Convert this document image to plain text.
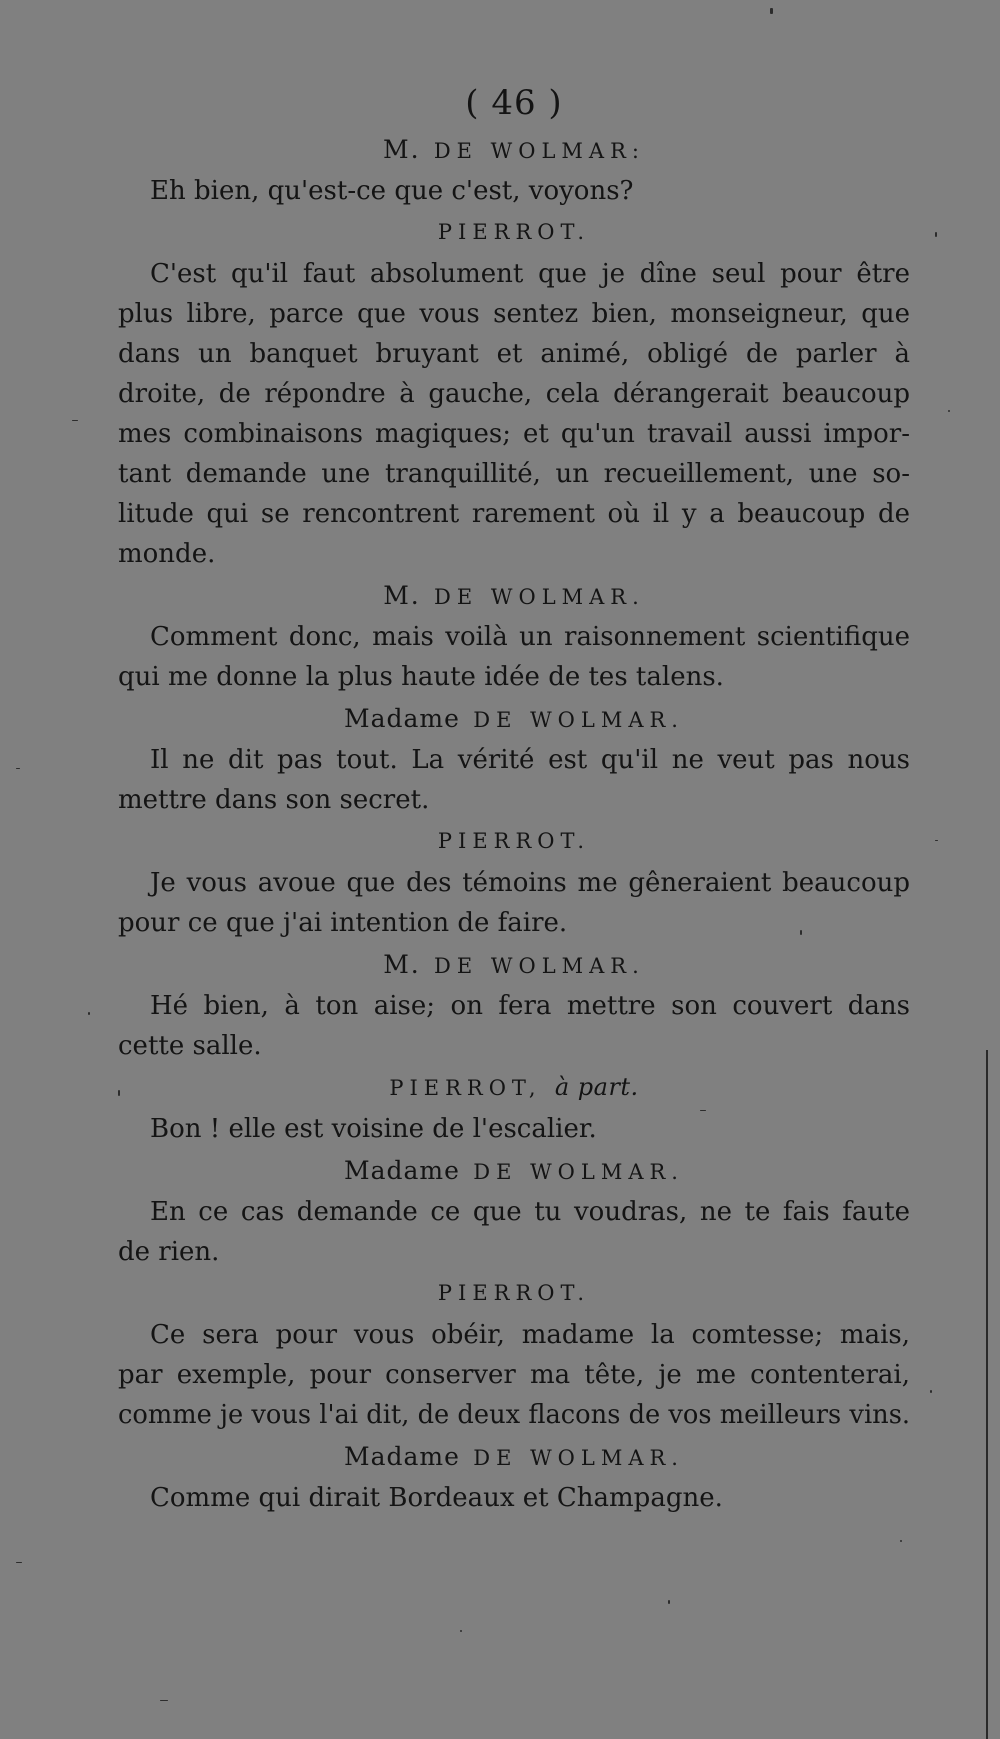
( 46 )
M. DE WOLMAR:

Eh bien, qu'est-ce que c'est, voyons?

PIERROT.

C'est qu'il faut absolument que je dîne seul pour être
plus libre, parce que vous sentez bien, monseigneur, que
dans un banquet bruyant et animé, obligé de parler à
droite, de répondre à gauche, cela dérangerait beaucoup
mes combinaisons magiques; et qu'un travail aussi impor-
tant demande une tranquillité, un recueillement, une so-
litude qui se rencontrent rarement où il y a beaucoup de
monde.

M. DE WOLMAR.

Comment donc, mais voilà un raisonnement scientifique
qui me donne la plus haute idée de tes talens.

Madame DE WOLMAR.

Il ne dit pas tout. La vérité est qu'il ne veut pas nous
mettre dans son secret.

PIERROT.

Je vous avoue que des témoins me gêneraient beaucoup
pour ce que j'ai intention de faire.

M. DE WOLMAR.

Hé bien, à ton aise; on fera mettre son couvert dans
cette salle.

PIERROT, à part.

Bon ! elle est voisine de l'escalier.

Madame DE WOLMAR.

En ce cas demande ce que tu voudras, ne te fais faute
de rien.

PIERROT.

Ce sera pour vous obéir, madame la comtesse; mais,
par exemple, pour conserver ma tête, je me contenterai,
comme je vous l'ai dit, de deux flacons de vos meilleurs vins.

Madame DE WOLMAR.

Comme qui dirait Bordeaux et Champagne.
